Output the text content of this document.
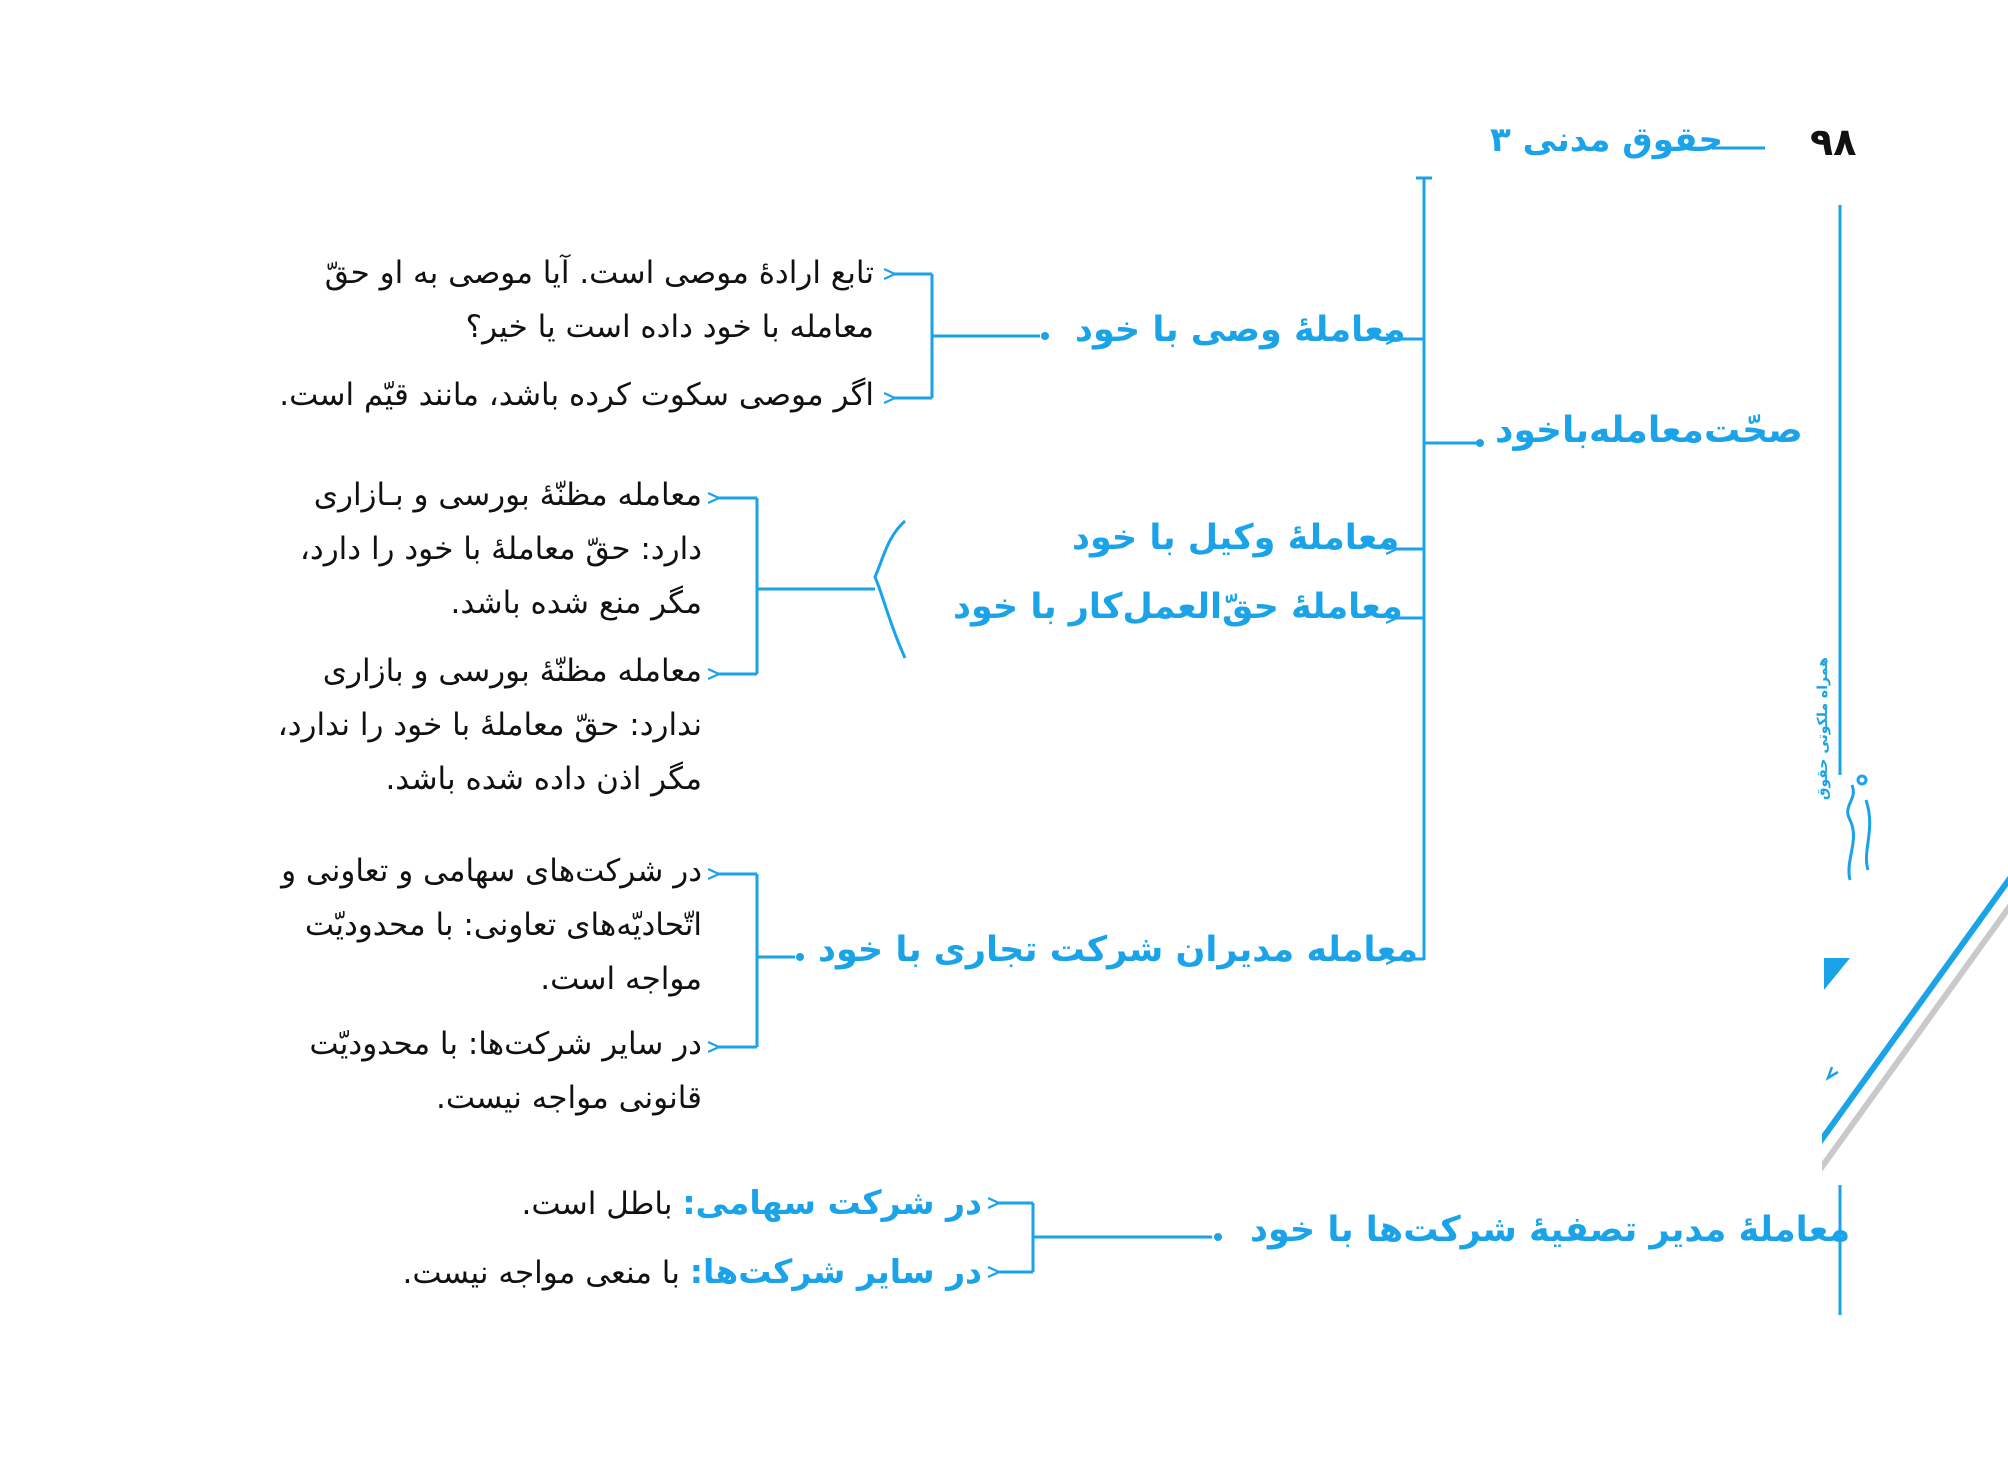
۹۸
حقوق مدنی ۳
همراه ملکوتی حقوق
صحّت‌معامله‌باخود
معاملهٔ وصی با خود
تابع ارادهٔ موصی است. آیا موصی به او حقّ
معامله با خود داده است یا خیر؟
اگر موصی سکوت کرده باشد، مانند قیّم است.
معاملهٔ وکیل با خود
معاملهٔ حقّ‌العمل‌کار با خود
معامله مظنّهٔ بورسی و بـازاری
دارد: حقّ معاملهٔ با خود را دارد،
مگر منع شده باشد.
معامله مظنّهٔ بورسی و بازاری
ندارد: حقّ معاملهٔ با خود را ندارد،
مگر اذن داده شده باشد.
معامله مدیران شرکت تجاری با خود
در شرکت‌های سهامی و تعاونی و
اتّحادیّه‌های تعاونی: با محدودیّت
مواجه است.
در سایر شرکت‌ها: با محدودیّت
قانونی مواجه نیست.
معاملهٔ مدیر تصفیهٔ شرکت‌ها با خود
در شرکت سهامی: باطل است.
در سایر شرکت‌ها: با منعی مواجه نیست.
